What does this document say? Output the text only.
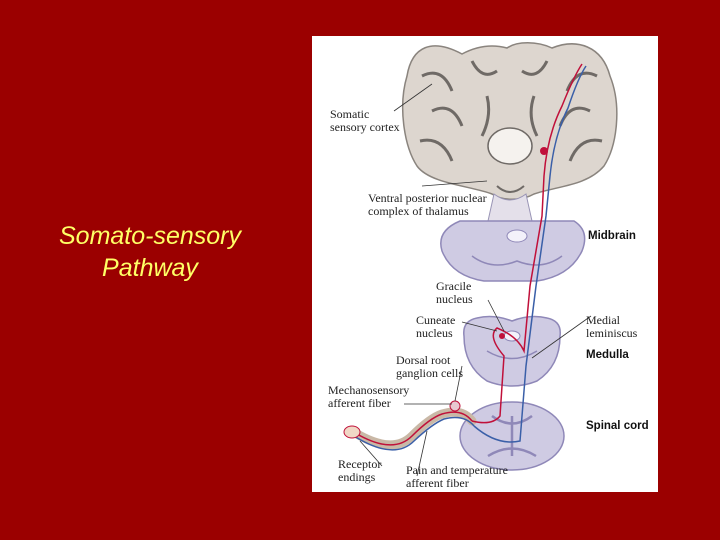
Somato-sensory
Pathway
Somatic
sensory cortex
Ventral posterior nuclear
complex of thalamus
Gracile
nucleus
Cuneate
nucleus
Medial
leminiscus
Dorsal root
ganglion cells
Mechanosensory
afferent fiber
Receptor
endings	Pain and temperature
afferent fiber
Midbrain
Medulla
Spinal cord
